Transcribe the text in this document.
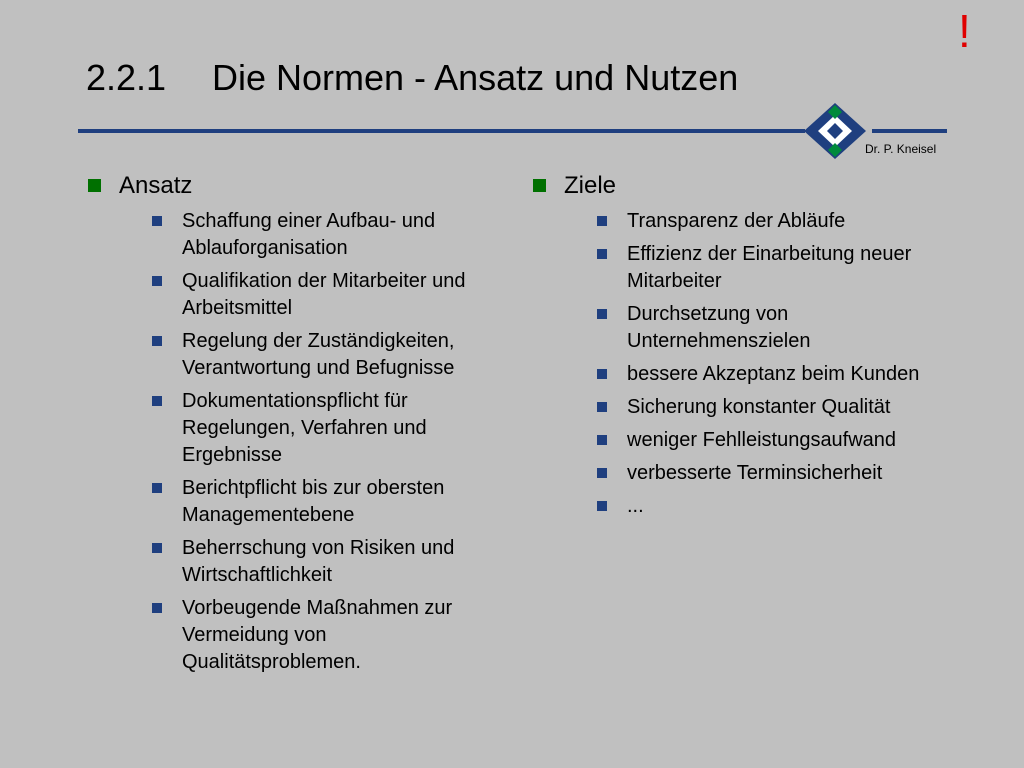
!
2.2.1 Die Normen - Ansatz und Nutzen
Dr. P. Kneisel
Ansatz
Schaffung einer Aufbau- und Ablauforganisation
Qualifikation der Mitarbeiter und Arbeitsmittel
Regelung der Zuständigkeiten, Verantwortung und Befugnisse
Dokumentationspflicht für Regelungen, Verfahren und Ergebnisse
Berichtpflicht bis zur obersten Managementebene
Beherrschung von Risiken und Wirtschaftlichkeit
Vorbeugende Maßnahmen zur Vermeidung von Qualitätsproblemen.
Ziele
Transparenz der Abläufe
Effizienz der Einarbeitung neuer Mitarbeiter
Durchsetzung von Unternehmenszielen
bessere Akzeptanz beim Kunden
Sicherung konstanter Qualität
weniger Fehlleistungsaufwand
verbesserte Terminsicherheit
...
